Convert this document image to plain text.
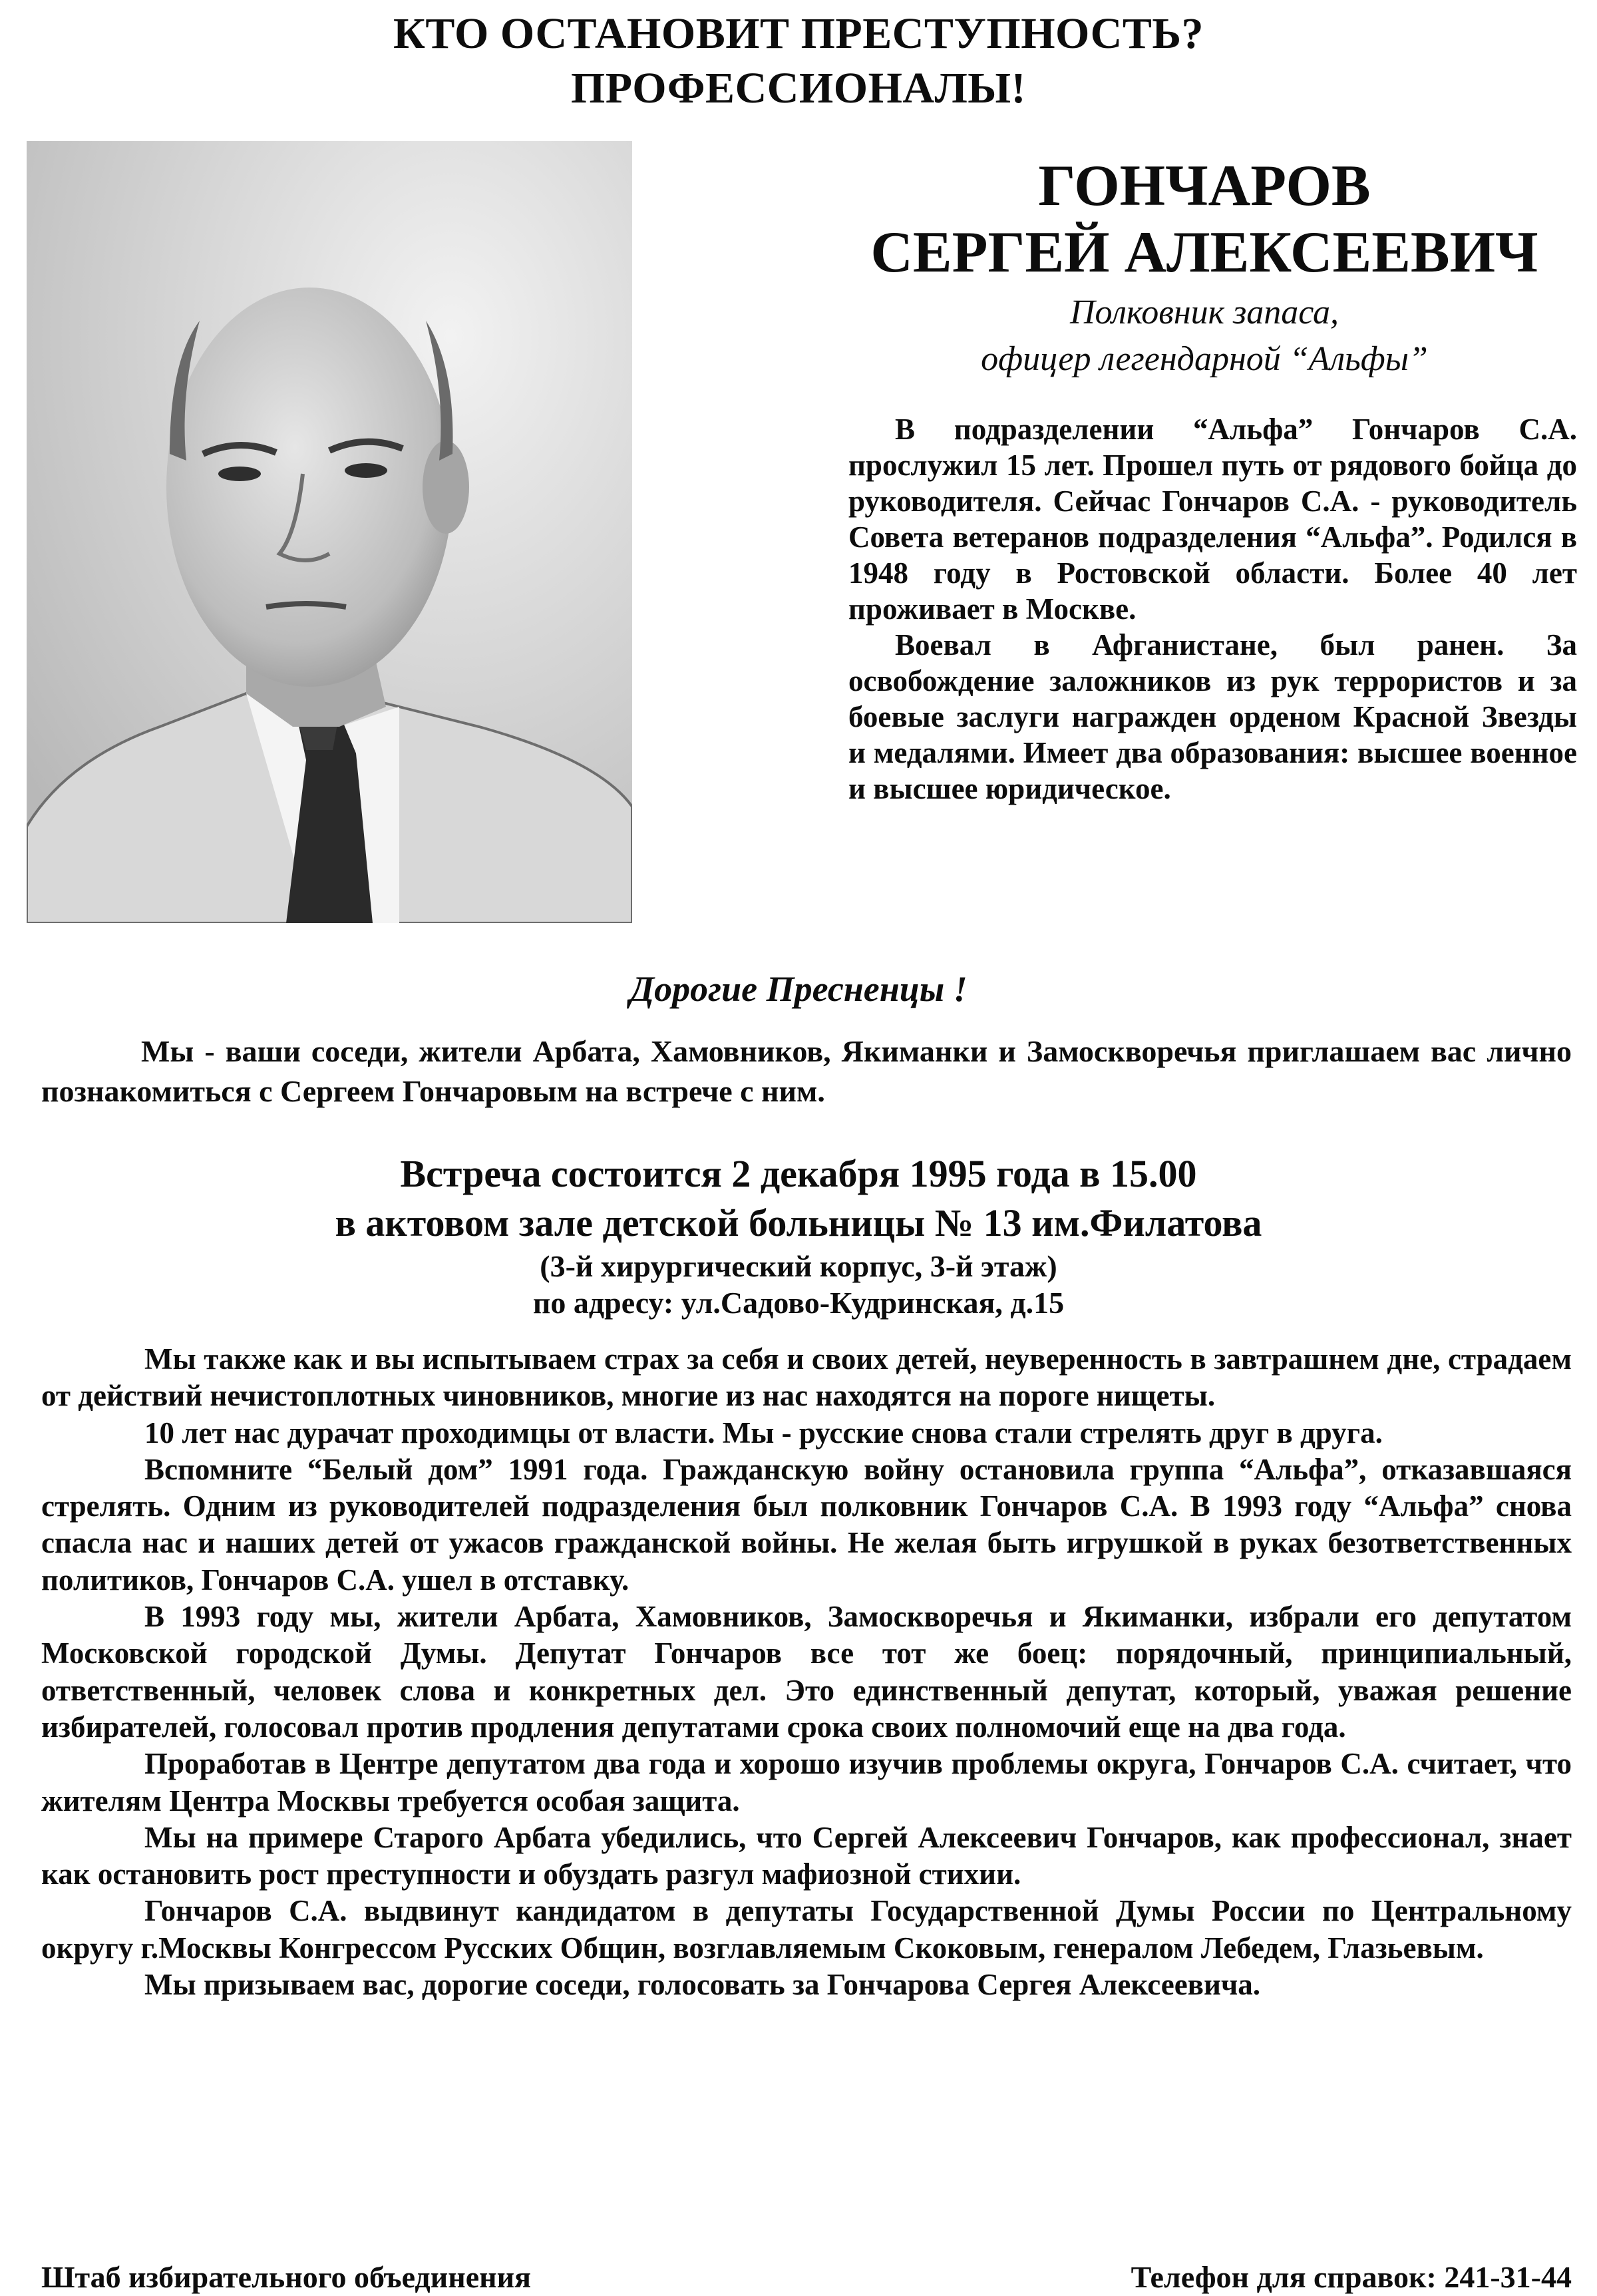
КТО ОСТАНОВИТ ПРЕСТУПНОСТЬ?
ПРОФЕССИОНАЛЫ!
ГОНЧАРОВ
СЕРГЕЙ АЛЕКСЕЕВИЧ
Полковник запаса,
офицер легендарной “Альфы”

В подразделении “Альфа” Гончаров С.А. прослужил 15 лет. Прошел путь от рядового бойца до руководителя. Сейчас Гончаров С.А. - руководитель Совета ветеранов подразделения “Альфа”. Родился в 1948 году в Ростовской области. Более 40 лет проживает в Москве.

Воевал в Афганистане, был ранен. За освобождение заложников из рук террористов и за боевые заслуги награжден орденом Красной Звезды и медалями. Имеет два образования: высшее военное и высшее юридическое.

Дорогие Пресненцы !

Мы - ваши соседи, жители Арбата, Хамовников, Якиманки и Замоскворечья приглашаем вас лично познакомиться с Сергеем Гончаровым на встрече с ним.

Встреча состоится 2 декабря 1995 года в 15.00
в актовом зале детской больницы № 13 им.Филатова
(3-й хирургический корпус, 3-й этаж)
по адресу: ул.Садово-Кудринская, д.15

Мы также как и вы испытываем страх за себя и своих детей, неуверенность в завтрашнем дне, страдаем от действий нечистоплотных чиновников, многие из нас находятся на пороге нищеты.

10 лет нас дурачат проходимцы от власти. Мы - русские снова стали стрелять друг в друга.

Вспомните “Белый дом” 1991 года. Гражданскую войну остановила группа “Альфа”, отказавшаяся стрелять. Одним из руководителей подразделения был полковник Гончаров С.А. В 1993 году “Альфа” снова спасла нас и наших детей от ужасов гражданской войны. Не желая быть игрушкой в руках безответственных политиков, Гончаров С.А. ушел в отставку.

В 1993 году мы, жители Арбата, Хамовников, Замоскворечья и Якиманки, избрали его депутатом Московской городской Думы. Депутат Гончаров все тот же боец: порядочный, принципиальный, ответственный, человек слова и конкретных дел. Это единственный депутат, который, уважая решение избирателей, голосовал против продления депутатами срока своих полномочий еще на два года.

Проработав в Центре депутатом два года и хорошо изучив проблемы округа, Гончаров С.А. считает, что жителям Центра Москвы требуется особая защита.

Мы на примере Старого Арбата убедились, что Сергей Алексеевич Гончаров, как профессионал, знает как остановить рост преступности и обуздать разгул мафиозной стихии.

Гончаров С.А. выдвинут кандидатом в депутаты Государственной Думы России по Центральному округу г.Москвы Конгрессом Русских Общин, возглавляемым Скоковым, генералом Лебедем, Глазьевым.

Мы призываем вас, дорогие соседи, голосовать за Гончарова Сергея Алексеевича.

Штаб избирательного объединения	Телефон для справок: 241-31-44
